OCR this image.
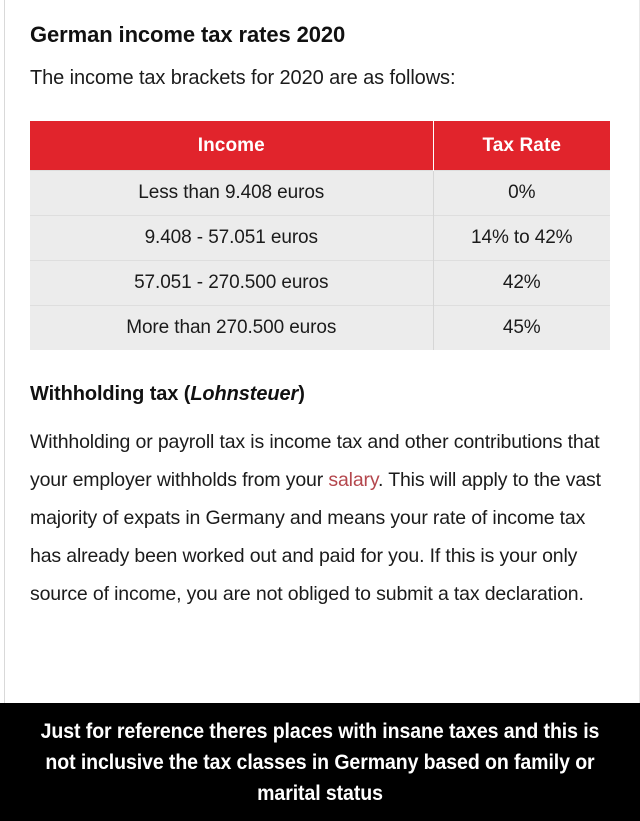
German income tax rates 2020

The income tax brackets for 2020 are as follows:

Income	Tax Rate
Less than 9.408 euros	0%
9.408 - 57.051 euros	14% to 42%
57.051 - 270.500 euros	42%
More than 270.500 euros	45%
Withholding tax (Lohnsteuer)

Withholding or payroll tax is income tax and other contributions that your employer withholds from your salary. This will apply to the vast majority of expats in Germany and means your rate of income tax has already been worked out and paid for you. If this is your only source of income, you are not obliged to submit a tax declaration.

Just for reference theres places with insane taxes and this is not inclusive the tax classes in Germany based on family or marital status
